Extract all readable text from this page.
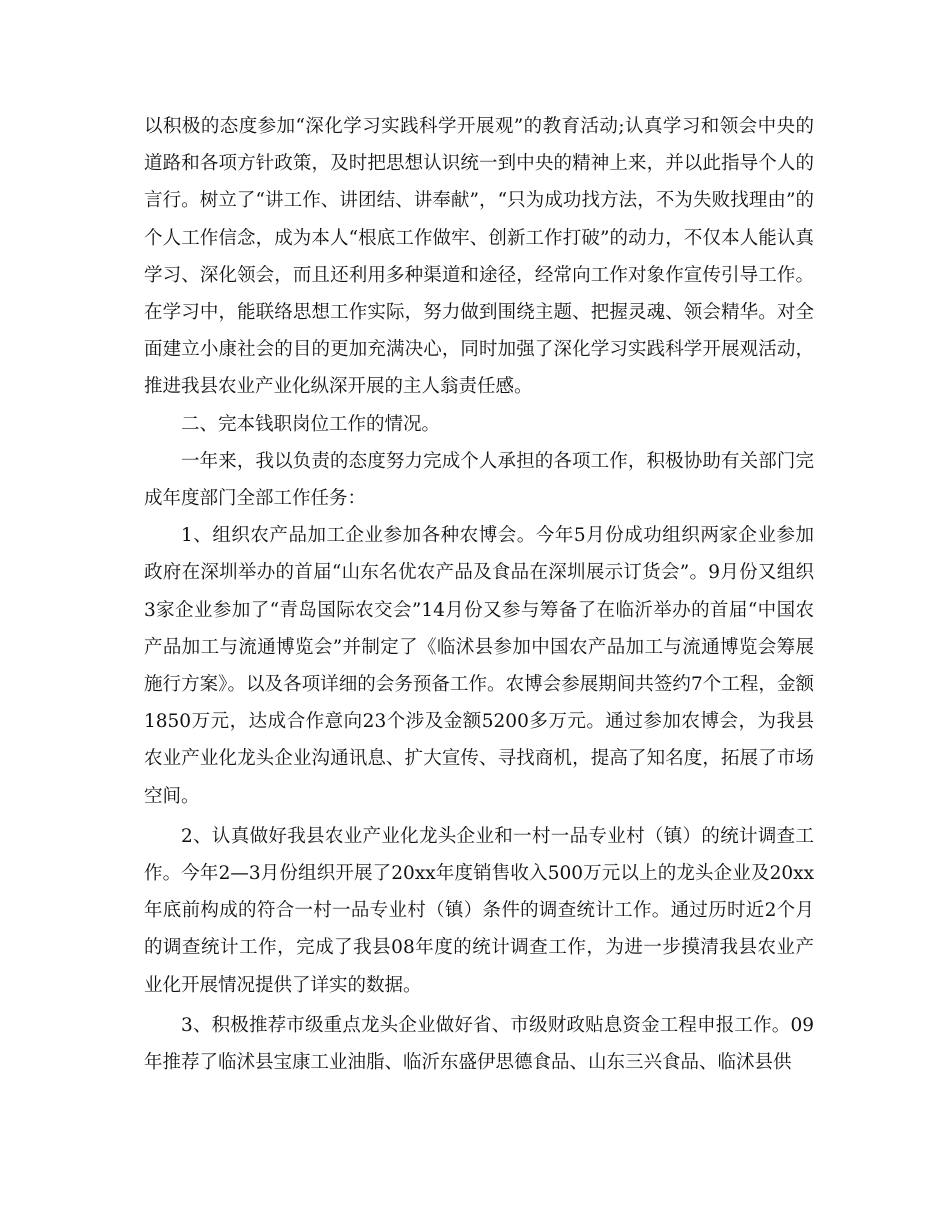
以积极的态度参加“深化学习实践科学开展观”的教育活动;认真学习和领会中央的道路和各项方针政策，及时把思想认识统一到中央的精神上来，并以此指导个人的言行。树立了“讲工作、讲团结、讲奉献”，“只为成功找方法，不为失败找理由”的个人工作信念，成为本人“根底工作做牢、创新工作打破”的动力，不仅本人能认真学习、深化领会，而且还利用多种渠道和途径，经常向工作对象作宣传引导工作。在学习中，能联络思想工作实际，努力做到围绕主题、把握灵魂、领会精华。对全面建立小康社会的目的更加充满决心，同时加强了深化学习实践科学开展观活动，推进我县农业产业化纵深开展的主人翁责任感。

二、完本钱职岗位工作的情况。

一年来，我以负责的态度努力完成个人承担的各项工作，积极协助有关部门完成年度部门全部工作任务：

1、组织农产品加工企业参加各种农博会。今年5月份成功组织两家企业参加政府在深圳举办的首届“山东名优农产品及食品在深圳展示订货会”。9月份又组织3家企业参加了“青岛国际农交会”14月份又参与筹备了在临沂举办的首届“中国农产品加工与流通博览会”并制定了《临沭县参加中国农产品加工与流通博览会筹展施行方案》。以及各项详细的会务预备工作。农博会参展期间共签约7个工程，金额1850万元，达成合作意向23个涉及金额5200多万元。通过参加农博会，为我县农业产业化龙头企业沟通讯息、扩大宣传、寻找商机，提高了知名度，拓展了市场空间。

2、认真做好我县农业产业化龙头企业和一村一品专业村（镇）的统计调查工作。今年2—3月份组织开展了20xx年度销售收入500万元以上的龙头企业及20xx年底前构成的符合一村一品专业村（镇）条件的调查统计工作。通过历时近2个月的调查统计工作，完成了我县08年度的统计调查工作，为进一步摸清我县农业产业化开展情况提供了详实的数据。

3、积极推荐市级重点龙头企业做好省、市级财政贴息资金工程申报工作。09年推荐了临沭县宝康工业油脂、临沂东盛伊思德食品、山东三兴食品、临沭县供
